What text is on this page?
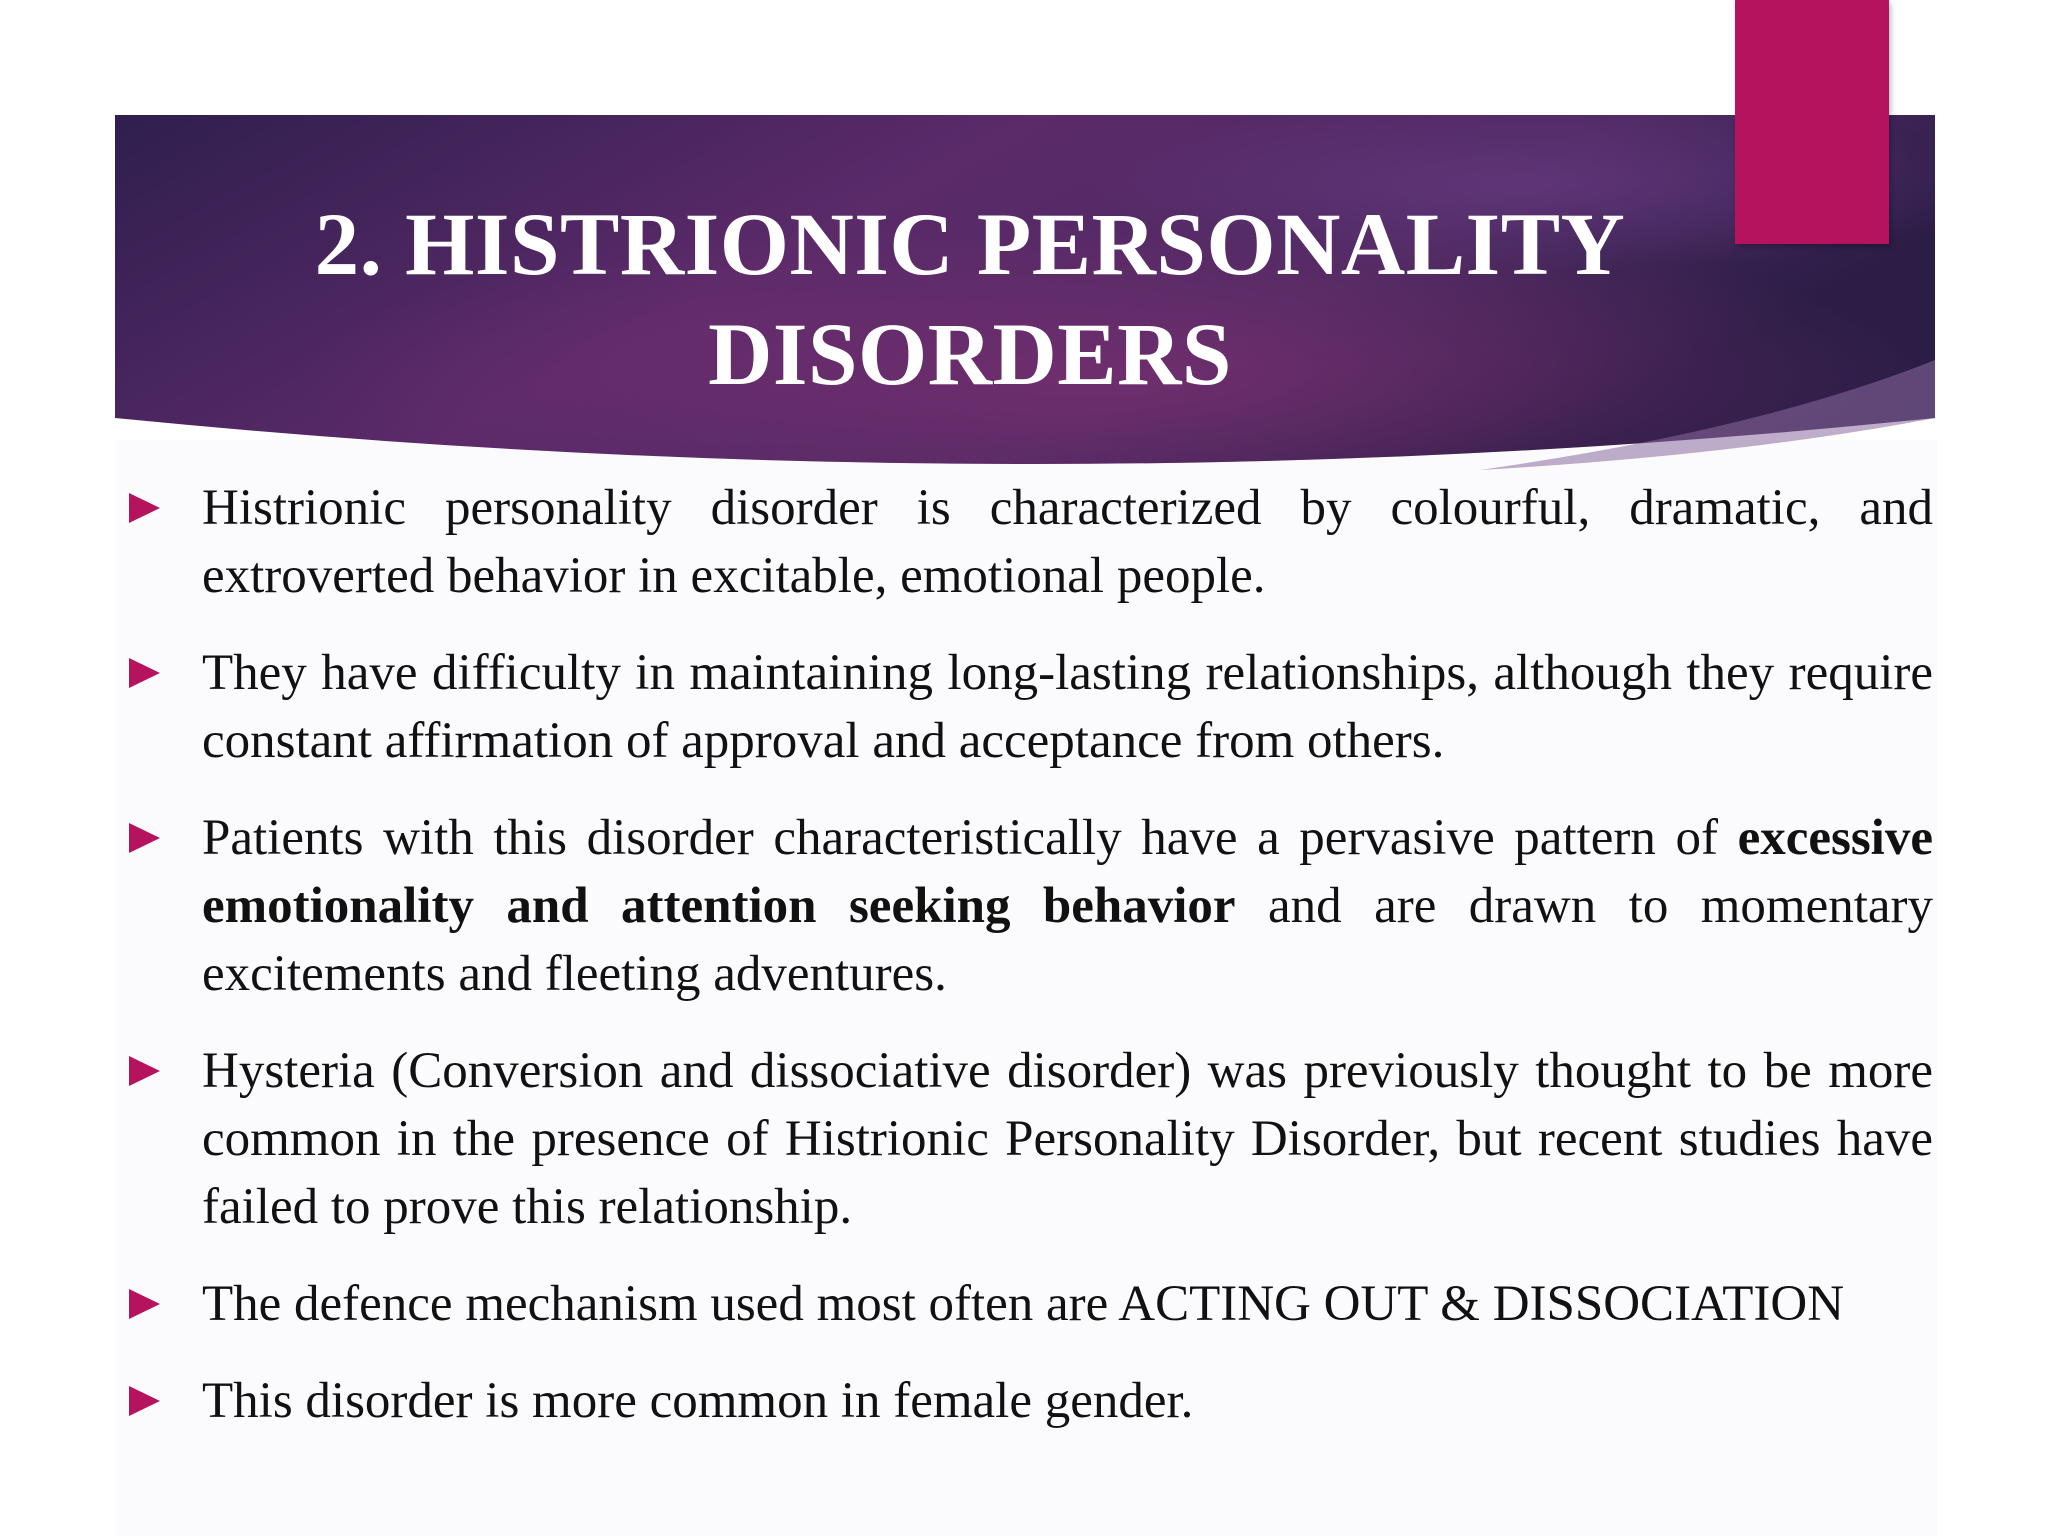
2. HISTRIONIC PERSONALITY
DISORDERS
Histrionic personality disorder is characterized by colourful, dramatic, and extroverted behavior in excitable, emotional people.
They have difficulty in maintaining long-lasting relationships, although they require constant affirmation of approval and acceptance from others.
Patients with this disorder characteristically have a pervasive pattern of excessive emotionality and attention seeking behavior and are drawn to momentary excitements and fleeting adventures.
Hysteria (Conversion and dissociative disorder) was previously thought to be more common in the presence of Histrionic Personality Disorder, but recent studies have failed to prove this relationship.
The defence mechanism used most often are ACTING OUT & DISSOCIATION
This disorder is more common in female gender.
